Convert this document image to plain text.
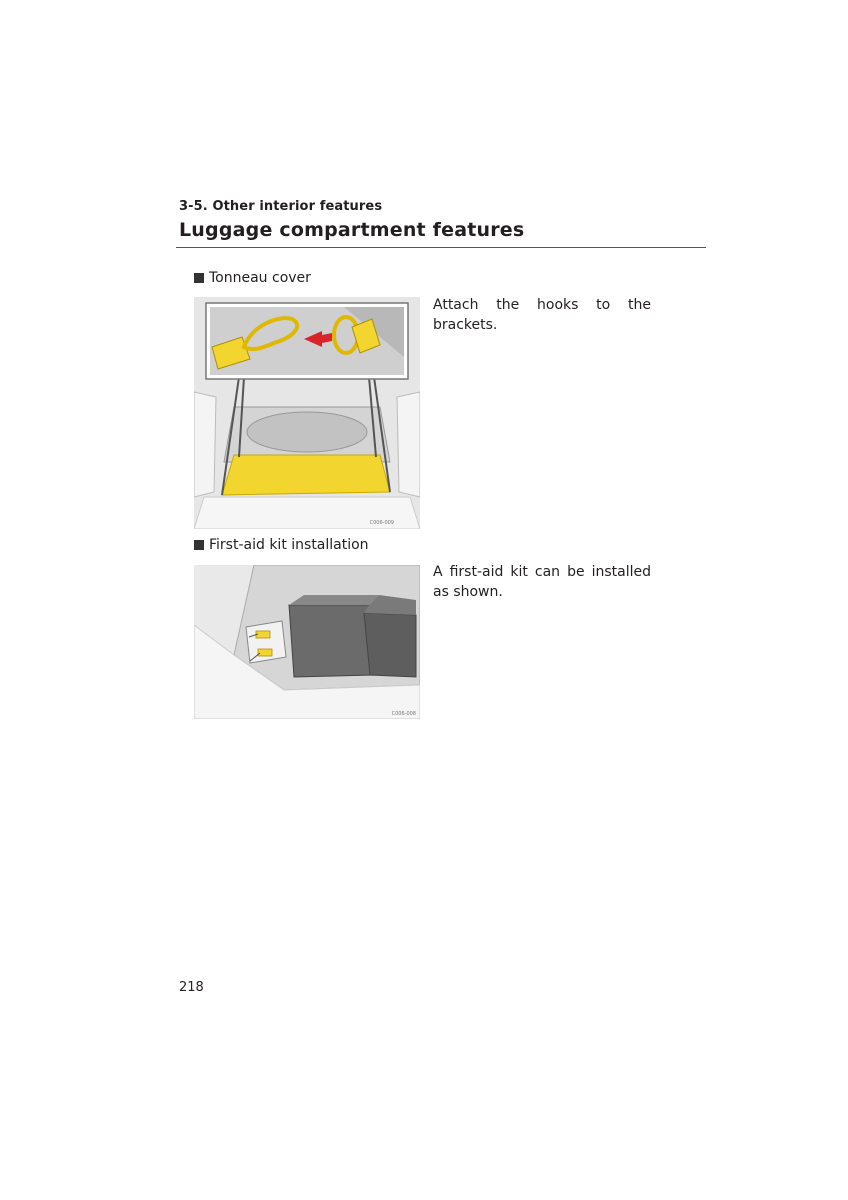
3-5. Other interior features
Luggage compartment features
Tonneau cover
C006-009
Attach the hooks to the brackets.
First-aid kit installation
C006-008
A first-aid kit can be installed as shown.
218
